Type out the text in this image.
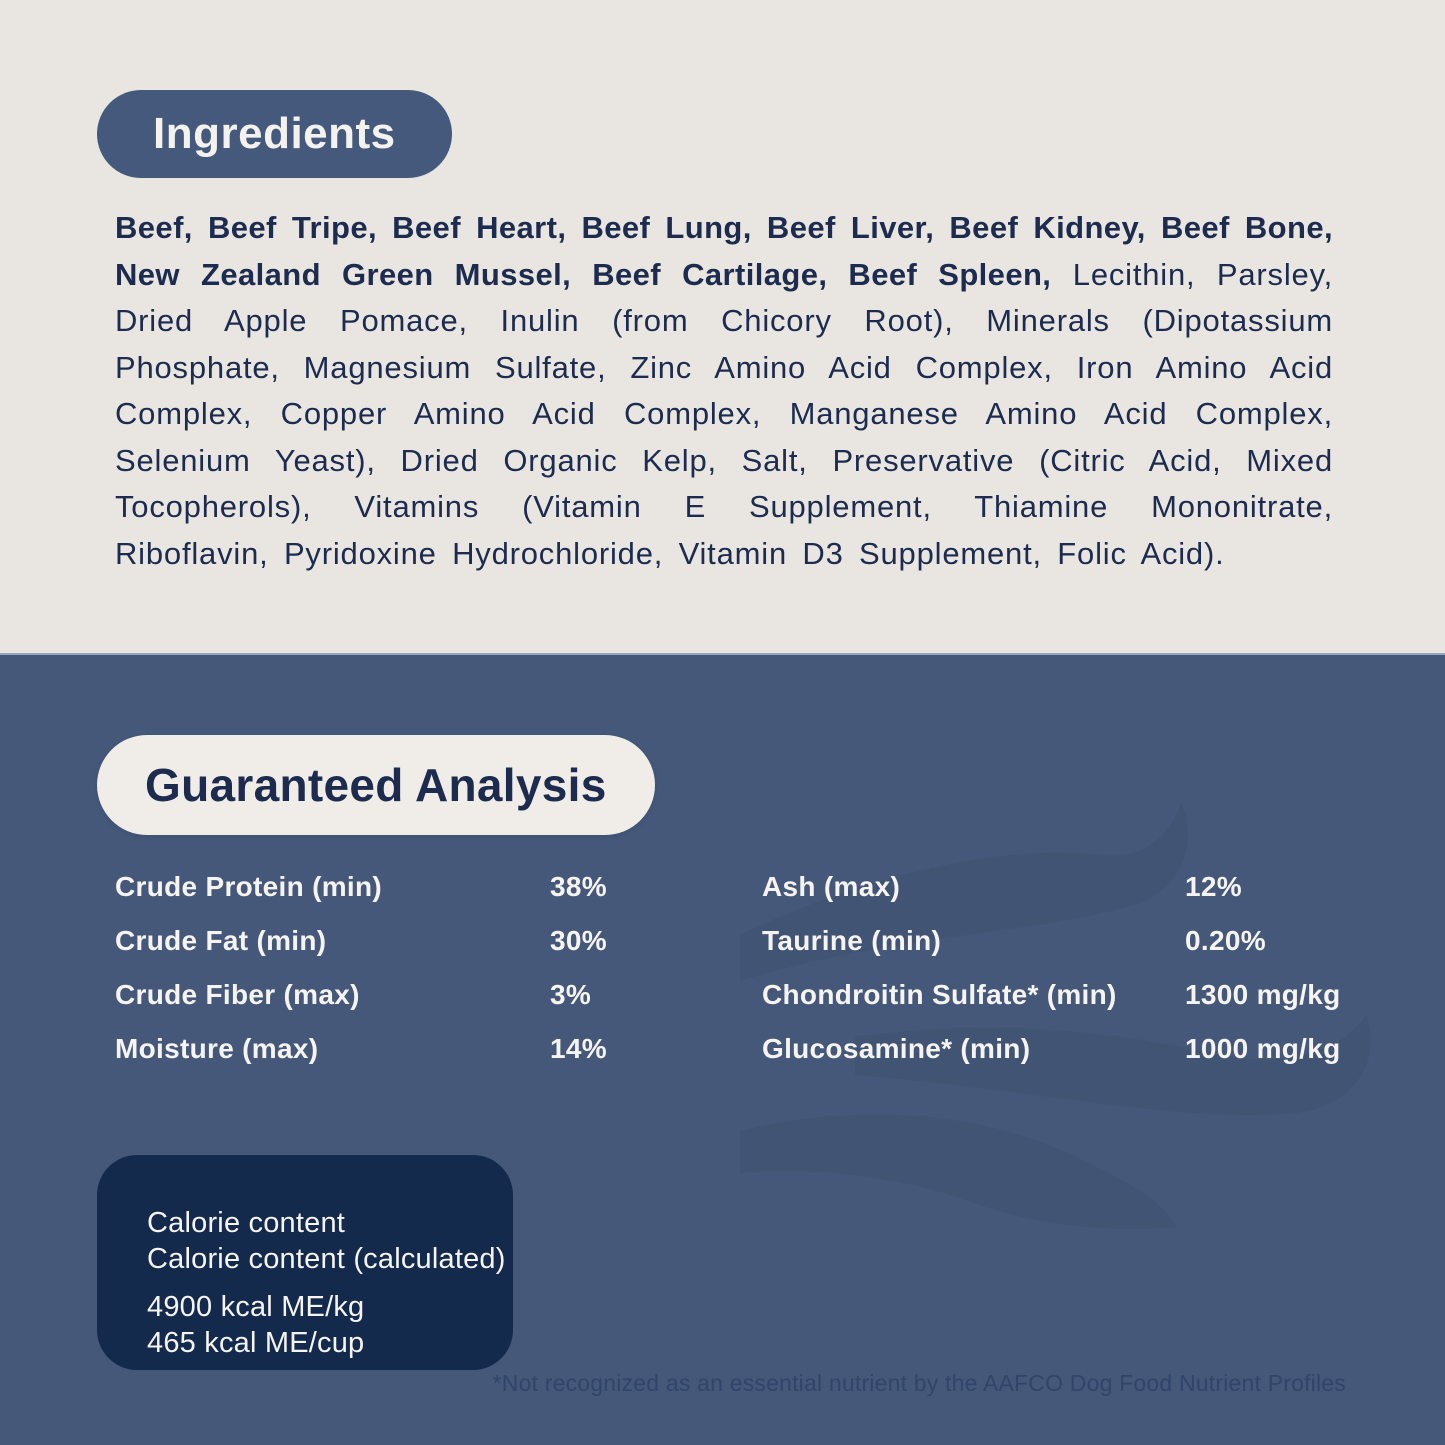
Ingredients

Beef, Beef Tripe, Beef Heart, Beef Lung, Beef Liver, Beef Kidney, Beef Bone, New Zealand Green Mussel, Beef Cartilage, Beef Spleen, Lecithin, Parsley, Dried Apple Pomace, Inulin (from Chicory Root), Minerals (Dipotassium Phosphate, Magnesium Sulfate, Zinc Amino Acid Complex, Iron Amino Acid Complex, Copper Amino Acid Complex, Manganese Amino Acid Complex, Selenium Yeast), Dried Organic Kelp, Salt, Preservative (Citric Acid, Mixed Tocopherols), Vitamins (Vitamin E Supplement, Thiamine Mononitrate, Riboflavin, Pyridoxine Hydrochloride, Vitamin D3 Supplement, Folic Acid).

Guaranteed Analysis
Crude Protein (min)
Crude Fat (min)
Crude Fiber (max)
Moisture (max)
38%
30%
3%
14%
Ash (max)
Taurine (min)
Chondroitin Sulfate* (min)
Glucosamine* (min)
12%
0.20%
1300 mg/kg
1000 mg/kg
Calorie content
Calorie content (calculated)
4900 kcal ME/kg
465 kcal ME/cup
*Not recognized as an essential nutrient by the AAFCO Dog Food Nutrient Profiles
